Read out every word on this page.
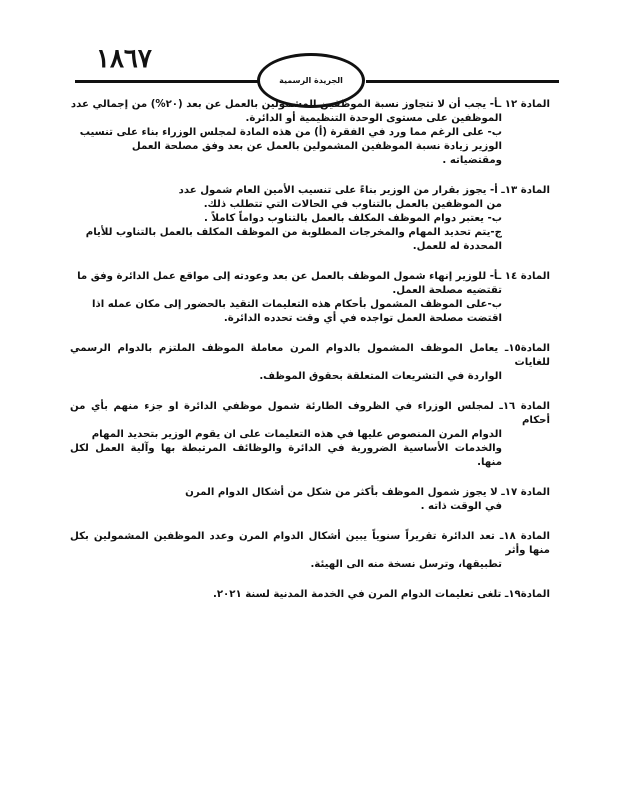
١٨٦٧
الجريدة الرسمية
المادة ١٢ ـأ- يجب أن لا تتجاوز نسبة الموظفين المشمولين بالعمل عن بعد (٢٠%) من إجمالي عدد
الموظفين على مستوى الوحدة التنظيمية أو الدائرة.
ب- على الرغم مما ورد في الفقرة (أ) من هذه المادة لمجلس الوزراء بناء على تنسيب
الوزير زيادة نسبة الموظفين المشمولين بالعمل عن بعد وفق مصلحة العمل
ومقتضياته .
المادة ١٣ـ أ- يجوز بقرار من الوزير بناءً على تنسيب الأمين العام شمول عدد
من الموظفين بالعمل بالتناوب في الحالات التي تتطلب ذلك.
ب- يعتبر دوام الموظف المكلف بالعمل بالتناوب دواماً كاملاً .
ج-يتم تحديد المهام والمخرجات المطلوبة من الموظف المكلف بالعمل بالتناوب للأيام
المحددة له للعمل.
المادة ١٤ ـأ- للوزير إنهاء شمول الموظف بالعمل عن بعد وعودته إلى مواقع عمل الدائرة وفق ما
تقتضيه مصلحة العمل.
ب-على الموظف المشمول بأحكام هذه التعليمات التقيد بالحضور إلى مكان عمله اذا
اقتضت مصلحة العمل تواجده في أي وقت تحدده الدائرة.
المادة١٥ـ يعامل الموظف المشمول بالدوام المرن معاملة الموظف الملتزم بالدوام الرسمي للغايات
الواردة في التشريعات المتعلقة بحقوق الموظف.
المادة ١٦ـ لمجلس الوزراء في الظروف الطارئة شمول موظفي الدائرة او جزء منهم بأي من أحكام
الدوام المرن المنصوص عليها في هذه التعليمات على ان يقوم الوزير بتحديد المهام
والخدمات الأساسية الضرورية في الدائرة والوظائف المرتبطة بها وآلية العمل لكل منها.
المادة ١٧ـ لا يجوز شمول الموظف بأكثر من شكل من أشكال الدوام المرن
في الوقت ذاته .
المادة ١٨ـ تعد الدائرة تقريراً سنوياً يبين أشكال الدوام المرن وعدد الموظفين المشمولين بكل منها وأثر
تطبيقها، وترسل نسخة منه الى الهيئة.
المادة١٩ـ تلغى تعليمات الدوام المرن في الخدمة المدنية لسنة ٢٠٢١.
